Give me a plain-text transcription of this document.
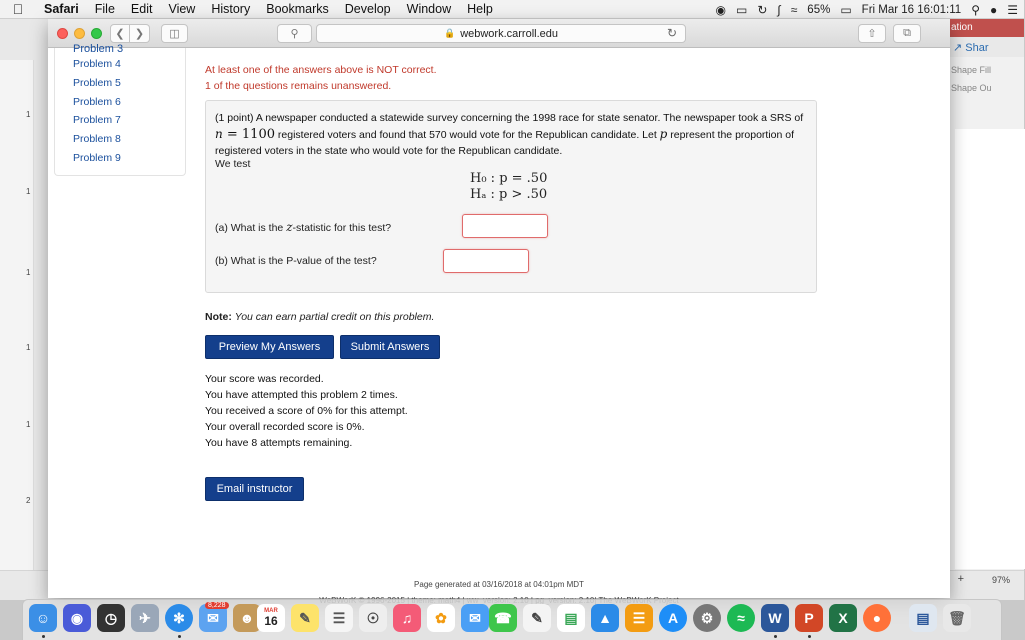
Safari	File	Edit	View	History	Bookmarks	Develop	Window	Help	◉ ▭ ↻ ∫ ≈ 65% ▭ Fri Mar 16 16:01:11 ⚲ ● ☰
1
1
1
1
1
2
ation
↗ Shar
Shape Fill
Shape Ou
+	97%
❮ ❯ ◫	⚲	🔒 webwork.carroll.edu	↻	⇧ ⧉
Problem 3
Problem 4
Problem 5
Problem 6
Problem 7
Problem 8
Problem 9
At least one of the answers above is NOT correct.
1 of the questions remains unanswered.
(1 point) A newspaper conducted a statewide survey concerning the 1998 race for state senator. The newspaper took a SRS of n = 1100 registered voters and found that 570 would vote for the Republican candidate. Let p represent the proportion of registered voters in the state who would vote for the Republican candidate.
We test
H₀ : p = .50
Hₐ : p > .50
(a) What is the z-statistic for this test?
(b) What is the P-value of the test?
Note: You can earn partial credit on this problem.
Preview My Answers	Submit Answers
Your score was recorded.
You have attempted this problem 2 times.
You received a score of 0% for this attempt.
Your overall recorded score is 0%.
You have 8 attempts remaining.
Email instructor
Page generated at 03/16/2018 at 04:01pm MDT
☺	◉	◷	✈	✻	✉
8,228
☻	MAR
16	✎	☰	☉	♫	✿	✉ ☎	✎	▤	▲	☰	A	⚙	≈	W	P	X	●	▤	🗑
